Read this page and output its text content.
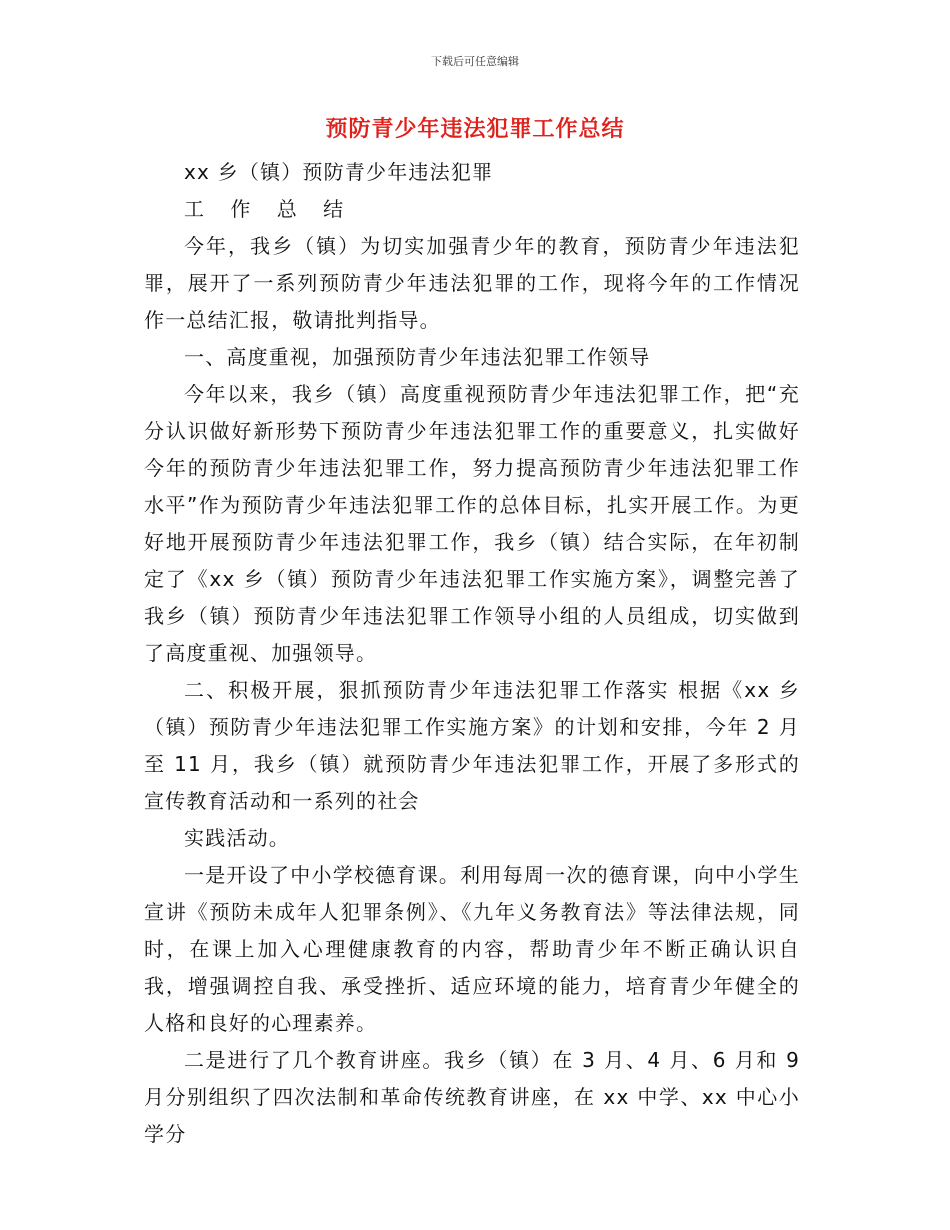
下载后可任意编辑
预防青少年违法犯罪工作总结

xx 乡（镇）预防青少年违法犯罪

工 作 总 结

今年，我乡（镇）为切实加强青少年的教育，预防青少年违法犯罪，展开了一系列预防青少年违法犯罪的工作，现将今年的工作情况作一总结汇报，敬请批判指导。

一、高度重视，加强预防青少年违法犯罪工作领导

今年以来，我乡（镇）高度重视预防青少年违法犯罪工作，把“充分认识做好新形势下预防青少年违法犯罪工作的重要意义，扎实做好今年的预防青少年违法犯罪工作，努力提高预防青少年违法犯罪工作水平”作为预防青少年违法犯罪工作的总体目标，扎实开展工作。为更好地开展预防青少年违法犯罪工作，我乡（镇）结合实际，在年初制定了《xx 乡（镇）预防青少年违法犯罪工作实施方案》，调整完善了我乡（镇）预防青少年违法犯罪工作领导小组的人员组成，切实做到了高度重视、加强领导。

二、积极开展，狠抓预防青少年违法犯罪工作落实 根据《xx 乡（镇）预防青少年违法犯罪工作实施方案》的计划和安排，今年 2 月至 11 月，我乡（镇）就预防青少年违法犯罪工作，开展了多形式的宣传教育活动和一系列的社会

实践活动。

一是开设了中小学校德育课。利用每周一次的德育课，向中小学生宣讲《预防未成年人犯罪条例》、《九年义务教育法》等法律法规，同时，在课上加入心理健康教育的内容，帮助青少年不断正确认识自我，增强调控自我、承受挫折、适应环境的能力，培育青少年健全的人格和良好的心理素养。

二是进行了几个教育讲座。我乡（镇）在 3 月、4 月、6 月和 9 月分别组织了四次法制和革命传统教育讲座，在 xx 中学、xx 中心小学分
